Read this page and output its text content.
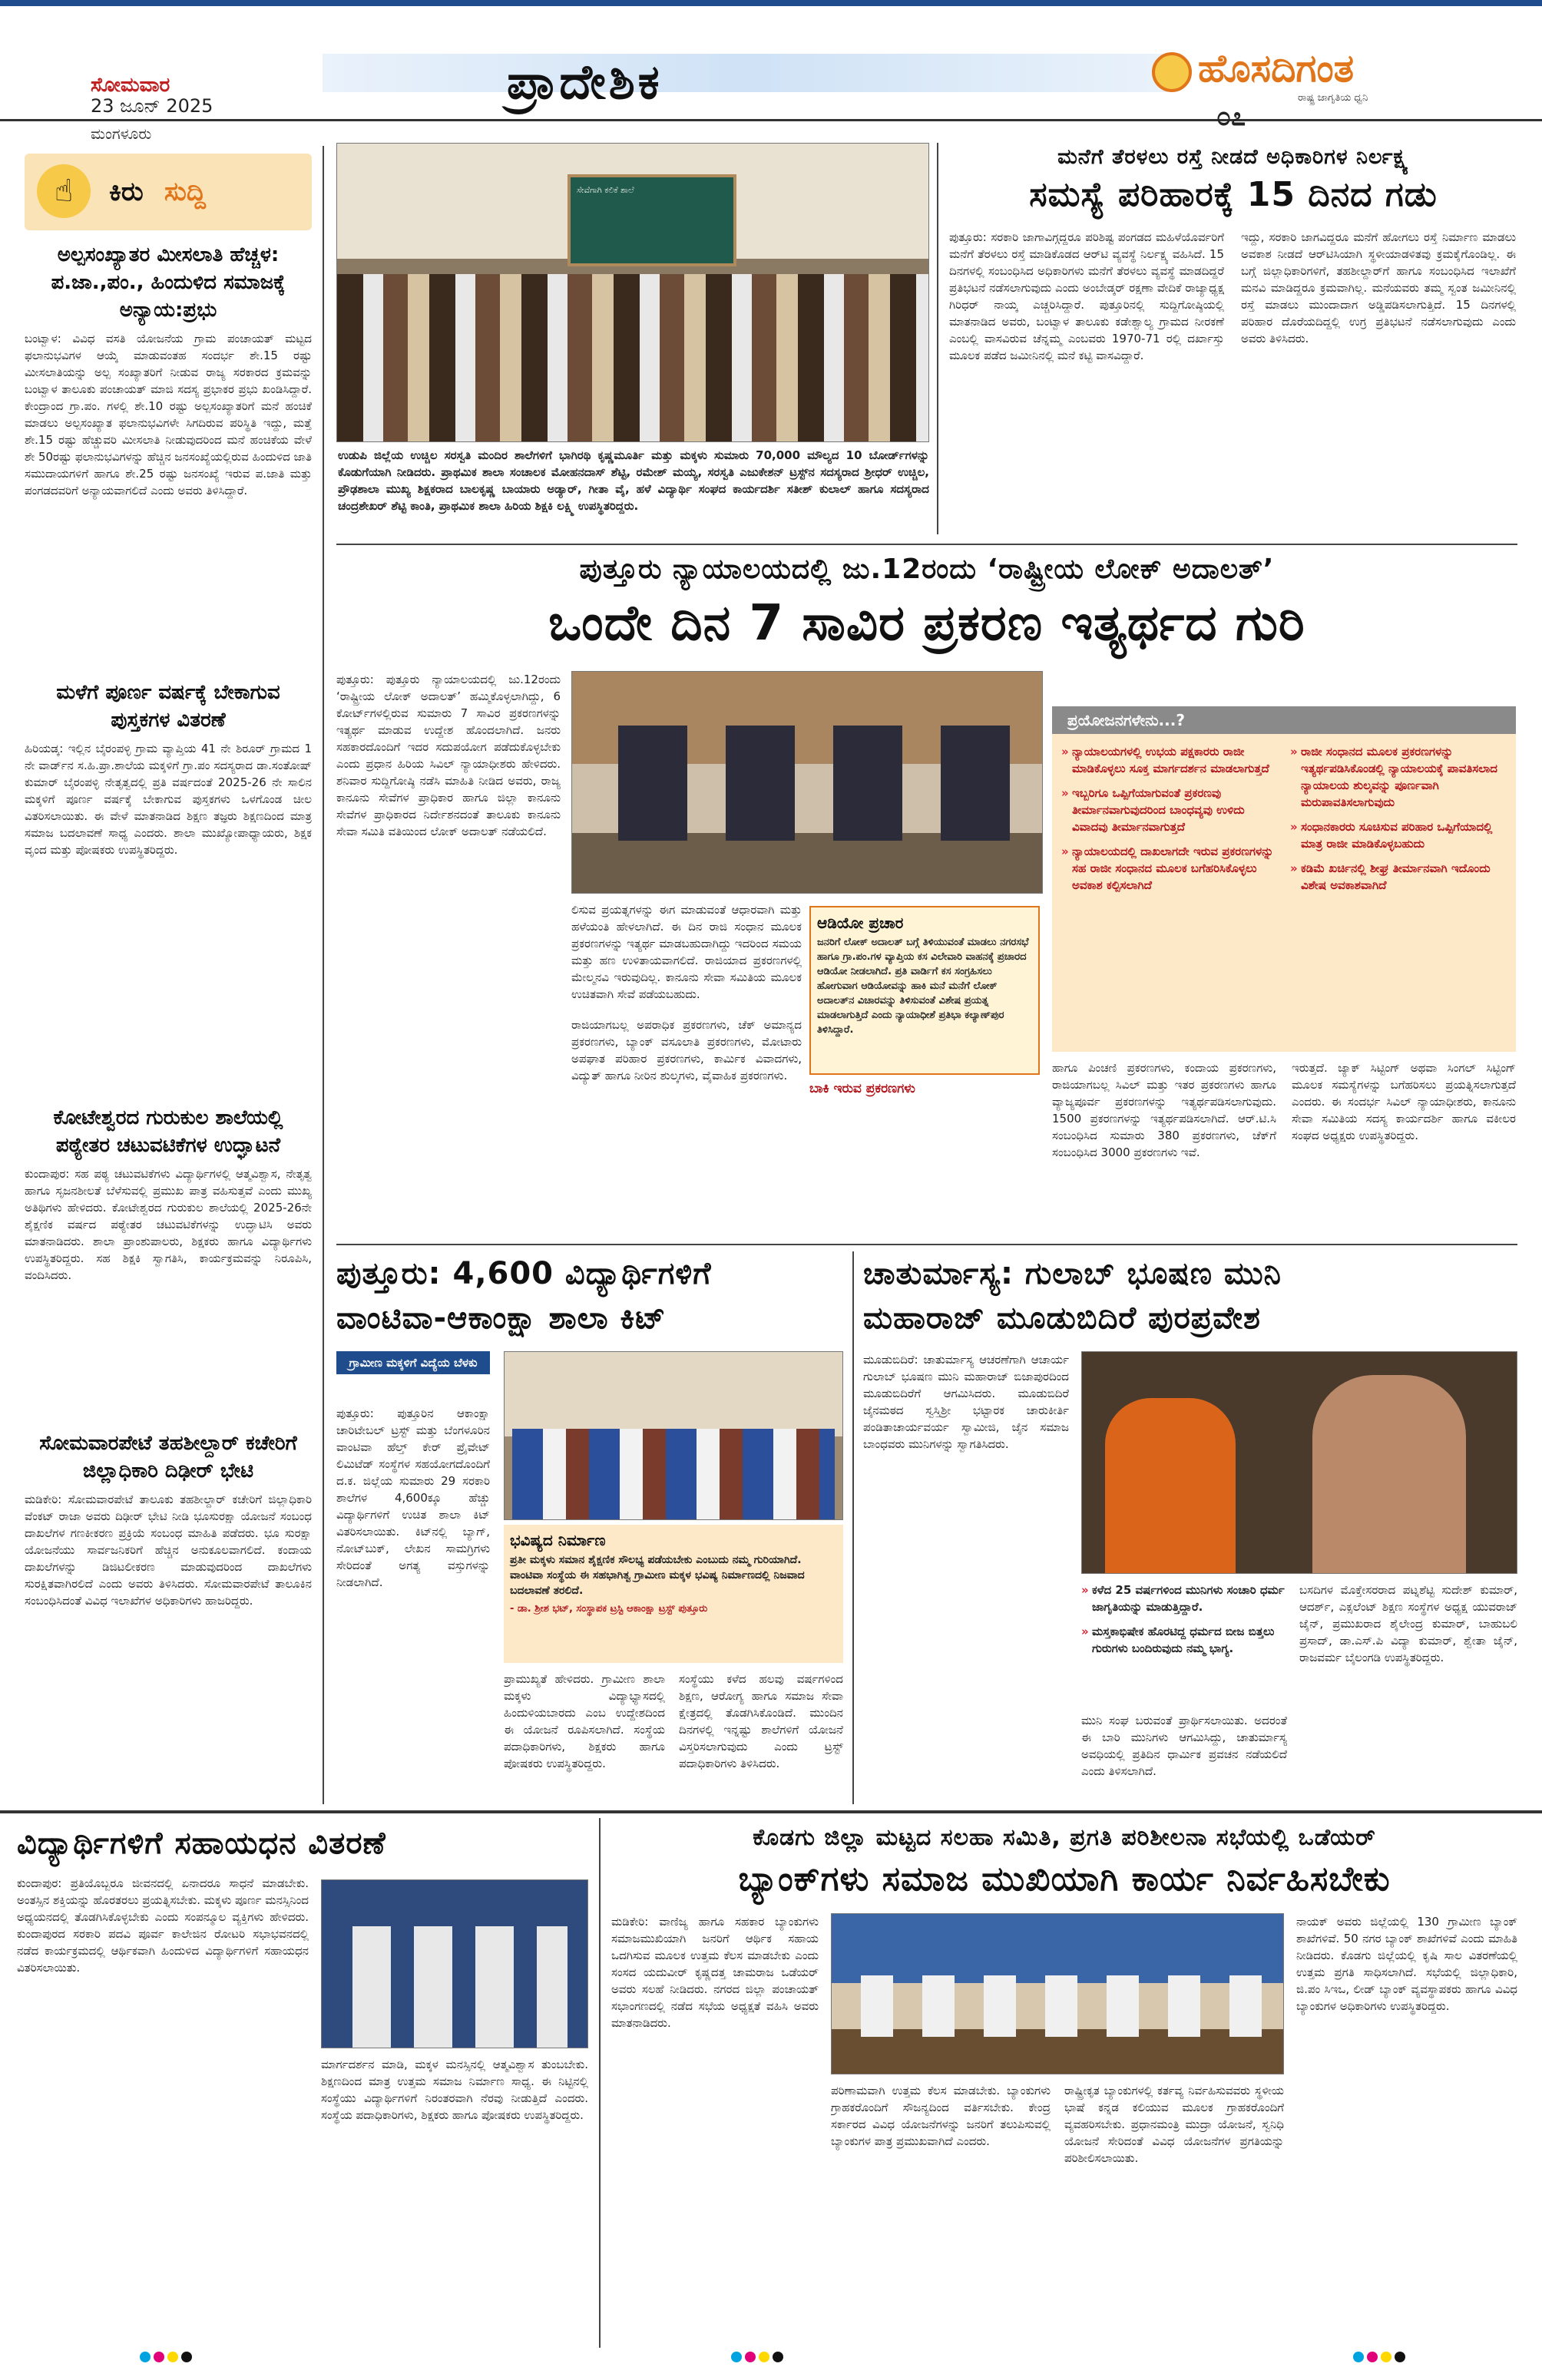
ಸೋಮವಾರ
23 ಜೂನ್ 2025
ಮಂಗಳೂರು
ಪ್ರಾದೇಶಿಕ	ಹೊಸದಿಗಂತ
ರಾಷ್ಟ್ರ ಜಾಗೃತಿಯ ಧ್ವನಿ
೦೭
☝	ಕಿರು ಸುದ್ದಿ
ಅಲ್ಪಸಂಖ್ಯಾತರ ಮೀಸಲಾತಿ ಹೆಚ್ಚಳ: ಪ.ಜಾ.,ಪಂ., ಹಿಂದುಳಿದ ಸಮಾಜಕ್ಕೆ ಅನ್ಯಾಯ:ಪ್ರಭು
ಬಂಟ್ವಾಳ: ವಿವಿಧ ವಸತಿ ಯೋಜನೆಯ ಗ್ರಾಮ ಪಂಚಾಯತ್ ಮಟ್ಟದ ಫಲಾನುಭವಿಗಳ ಆಯ್ಕೆ ಮಾಡುವಂತಹ ಸಂದರ್ಭ ಶೇ.15 ರಷ್ಟು ಮೀಸಲಾತಿಯನ್ನು ಅಲ್ಪ ಸಂಖ್ಯಾತರಿಗೆ ನೀಡುವ ರಾಜ್ಯ ಸರಕಾರದ ಕ್ರಮವನ್ನು ಬಂಟ್ವಾಳ ತಾಲೂಕು ಪಂಚಾಯತ್ ಮಾಜಿ ಸದಸ್ಯ ಪ್ರಭಾಕರ ಪ್ರಭು ಖಂಡಿಸಿದ್ದಾರೆ. ಕೇಂದ್ರಾಂದ ಗ್ರಾ.ಪಂ. ಗಳಲ್ಲಿ ಶೇ.10 ರಷ್ಟು ಅಲ್ಪಸಂಖ್ಯಾತರಿಗೆ ಮನೆ ಹಂಚಿಕೆ ಮಾಡಲು ಅಲ್ಪಸಂಖ್ಯಾತ ಫಲಾನುಭವಿಗಳೇ ಸಿಗದಿರುವ ಪರಿಸ್ಥಿತಿ ಇದ್ದು, ಮತ್ತೆ ಶೇ.15 ರಷ್ಟು ಹೆಚ್ಚುವರಿ ಮೀಸಲಾತಿ ನೀಡುವುದರಿಂದ ಮನೆ ಹಂಚಿಕೆಯ ವೇಳೆ ಶೇ 50ರಷ್ಟು ಫಲಾನುಭವಿಗಳನ್ನು ಹೆಚ್ಚಿನ ಜನಸಂಖ್ಯೆಯಲ್ಲಿರುವ ಹಿಂದುಳಿದ ಜಾತಿ ಸಮುದಾಯಗಳಿಗೆ ಹಾಗೂ ಶೇ.25 ರಷ್ಟು ಜನಸಂಖ್ಯೆ ಇರುವ ಪ.ಜಾತಿ ಮತ್ತು ಪಂಗಡದವರಿಗೆ ಅನ್ಯಾಯವಾಗಲಿದೆ ಎಂದು ಅವರು ತಿಳಿಸಿದ್ದಾರೆ.
ಮಳೆಗೆ ಪೂರ್ಣ ವರ್ಷಕ್ಕೆ ಬೇಕಾಗುವ ಪುಸ್ತಕಗಳ ವಿತರಣೆ
ಹಿರಿಯಡ್ಕ: ಇಲ್ಲಿನ ಬೈರಂಪಳ್ಳಿ ಗ್ರಾಮ ವ್ಯಾಪ್ತಿಯ 41 ನೇ ಶಿರೂರ್ ಗ್ರಾಮದ 1 ನೇ ವಾರ್ಡ್‌ನ ಸ.ಹಿ.ಪ್ರಾ.ಶಾಲೆಯ ಮಕ್ಕಳಿಗೆ ಗ್ರಾ.ಪಂ ಸದಸ್ಯರಾದ ಡಾ.ಸಂತೋಷ್ ಕುಮಾರ್ ಬೈರಂಪಳ್ಳಿ ನೇತೃತ್ವದಲ್ಲಿ ಪ್ರತಿ ವರ್ಷದಂತೆ 2025-26 ನೇ ಸಾಲಿನ ಮಕ್ಕಳಿಗೆ ಪೂರ್ಣ ವರ್ಷಕ್ಕೆ ಬೇಕಾಗುವ ಪುಸ್ತಕಗಳು ಒಳಗೊಂಡ ಚೀಲ ವಿತರಿಸಲಾಯಿತು. ಈ ವೇಳೆ ಮಾತನಾಡಿದ ಶಿಕ್ಷಣ ತಜ್ಞರು ಶಿಕ್ಷಣದಿಂದ ಮಾತ್ರ ಸಮಾಜ ಬದಲಾವಣೆ ಸಾಧ್ಯ ಎಂದರು. ಶಾಲಾ ಮುಖ್ಯೋಪಾಧ್ಯಾಯರು, ಶಿಕ್ಷಕ ವೃಂದ ಮತ್ತು ಪೋಷಕರು ಉಪಸ್ಥಿತರಿದ್ದರು.
ಕೋಟೇಶ್ವರದ ಗುರುಕುಲ ಶಾಲೆಯಲ್ಲಿ ಪಠ್ಯೇತರ ಚಟುವಟಿಕೆಗಳ ಉದ್ಘಾಟನೆ
ಕುಂದಾಪುರ: ಸಹ ಪಠ್ಯ ಚಟುವಟಿಕೆಗಳು ವಿದ್ಯಾರ್ಥಿಗಳಲ್ಲಿ ಆತ್ಮವಿಶ್ವಾಸ, ನೇತೃತ್ವ ಹಾಗೂ ಸೃಜನಶೀಲತೆ ಬೆಳೆಸುವಲ್ಲಿ ಪ್ರಮುಖ ಪಾತ್ರ ವಹಿಸುತ್ತವೆ ಎಂದು ಮುಖ್ಯ ಅತಿಥಿಗಳು ಹೇಳಿದರು. ಕೋಟೇಶ್ವರದ ಗುರುಕುಲ ಶಾಲೆಯಲ್ಲಿ 2025-26ನೇ ಶೈಕ್ಷಣಿಕ ವರ್ಷದ ಪಠ್ಯೇತರ ಚಟುವಟಿಕೆಗಳನ್ನು ಉದ್ಘಾಟಿಸಿ ಅವರು ಮಾತನಾಡಿದರು. ಶಾಲಾ ಪ್ರಾಂಶುಪಾಲರು, ಶಿಕ್ಷಕರು ಹಾಗೂ ವಿದ್ಯಾರ್ಥಿಗಳು ಉಪಸ್ಥಿತರಿದ್ದರು. ಸಹ ಶಿಕ್ಷಕಿ ಸ್ವಾಗತಿಸಿ, ಕಾರ್ಯಕ್ರಮವನ್ನು ನಿರೂಪಿಸಿ, ವಂದಿಸಿದರು.
ಸೋಮವಾರಪೇಟೆ ತಹಶೀಲ್ದಾರ್ ಕಚೇರಿಗೆ ಜಿಲ್ಲಾಧಿಕಾರಿ ದಿಢೀರ್ ಭೇಟಿ
ಮಡಿಕೇರಿ: ಸೋಮವಾರಪೇಟೆ ತಾಲೂಕು ತಹಶೀಲ್ದಾರ್ ಕಚೇರಿಗೆ ಜಿಲ್ಲಾಧಿಕಾರಿ ವೆಂಕಟ್ ರಾಜಾ ಅವರು ದಿಢೀರ್ ಭೇಟಿ ನೀಡಿ ಭೂಸುರಕ್ಷಾ ಯೋಜನೆ ಸಂಬಂಧ ದಾಖಲೆಗಳ ಗಣಕೀಕರಣ ಪ್ರಕ್ರಿಯೆ ಸಂಬಂಧ ಮಾಹಿತಿ ಪಡೆದರು. ಭೂ ಸುರಕ್ಷಾ ಯೋಜನೆಯು ಸಾರ್ವಜನಿಕರಿಗೆ ಹೆಚ್ಚಿನ ಅನುಕೂಲವಾಗಲಿದೆ. ಕಂದಾಯ ದಾಖಲೆಗಳನ್ನು ಡಿಜಿಟಲೀಕರಣ ಮಾಡುವುದರಿಂದ ದಾಖಲೆಗಳು ಸುರಕ್ಷಿತವಾಗಿರಲಿದೆ ಎಂದು ಅವರು ತಿಳಿಸಿದರು. ಸೋಮವಾರಪೇಟೆ ತಾಲೂಕಿನ ಸಂಬಂಧಿಸಿದಂತೆ ವಿವಿಧ ಇಲಾಖೆಗಳ ಅಧಿಕಾರಿಗಳು ಹಾಜರಿದ್ದರು.
ಸೇವೆಗಾಗಿ ಕಲಿಕೆ ಶಾಲೆ
ಉಡುಪಿ ಜಿಲ್ಲೆಯ ಉಚ್ಚಿಲ ಸರಸ್ವತಿ ಮಂದಿರ ಶಾಲೆಗಳಿಗೆ ಭಾಗಿರಥಿ ಕೃಷ್ಣಮೂರ್ತಿ ಮತ್ತು ಮಕ್ಕಳು ಸುಮಾರು 70,000 ಮೌಲ್ಯದ 10 ಬೋರ್ಡ್‌ಗಳನ್ನು ಕೊಡುಗೆಯಾಗಿ ನೀಡಿದರು. ಪ್ರಾಥಮಿಕ ಶಾಲಾ ಸಂಚಾಲಕ ಮೋಹನದಾಸ್ ಶೆಟ್ಟಿ, ರಮೇಶ್ ಮಯ್ಯ, ಸರಸ್ವತಿ ಎಜುಕೇಶನ್ ಟ್ರಸ್ಟ್‌ನ ಸದಸ್ಯರಾದ ಶ್ರೀಧರ್ ಉಚ್ಚಿಲ, ಪ್ರೌಢಶಾಲಾ ಮುಖ್ಯ ಶಿಕ್ಷಕರಾದ ಬಾಲಕೃಷ್ಣ ಬಾಯಾರು ಅಡ್ಯಾರ್, ಗೀತಾ ವೈ, ಹಳೆ ವಿದ್ಯಾರ್ಥಿ ಸಂಘದ ಕಾರ್ಯದರ್ಶಿ ಸತೀಶ್ ಕುಲಾಲ್ ಹಾಗೂ ಸದಸ್ಯರಾದ ಚಂದ್ರಶೇಖರ್ ಶೆಟ್ಟಿ ಕಾಂತಿ, ಪ್ರಾಥಮಿಕ ಶಾಲಾ ಹಿರಿಯ ಶಿಕ್ಷಕಿ ಲಕ್ಷ್ಮಿ ಉಪಸ್ಥಿತರಿದ್ದರು.
ಮನೆಗೆ ತೆರಳಲು ರಸ್ತೆ ನೀಡದೆ ಅಧಿಕಾರಿಗಳ ನಿರ್ಲಕ್ಷ್ಯ
ಸಮಸ್ಯೆ ಪರಿಹಾರಕ್ಕೆ 15 ದಿನದ ಗಡು
ಪುತ್ತೂರು: ಸರಕಾರಿ ಜಾಗಾವಿಗ್ಗದ್ದರೂ ಪರಿಶಿಷ್ಟ ಪಂಗಡದ ಮಹಿಳೆಯೊರ್ವರಿಗೆ ಮನೆಗೆ ತೆರಳಲು ರಸ್ತೆ ಮಾಡಿಕೊಡದ ಆರ್‌ಟಿ ವ್ಯವಸ್ಥೆ ನಿರ್ಲಕ್ಷ್ಯ ವಹಿಸಿದೆ. 15 ದಿನಗಳಲ್ಲಿ ಸಂಬಂಧಿಸಿದ ಅಧಿಕಾರಿಗಳು ಮನೆಗೆ ತೆರಳಲು ವ್ಯವಸ್ಥೆ ಮಾಡದಿದ್ದರೆ ಪ್ರತಿಭಟನೆ ನಡೆಸಲಾಗುವುದು ಎಂದು ಅಂಬೇಡ್ಕರ್ ರಕ್ಷಣಾ ವೇದಿಕೆ ರಾಜ್ಯಾಧ್ಯಕ್ಷ ಗಿರಿಧರ್ ನಾಯ್ಕ ಎಚ್ಚರಿಸಿದ್ದಾರೆ. ಪುತ್ತೂರಿನಲ್ಲಿ ಸುದ್ದಿಗೋಷ್ಠಿಯಲ್ಲಿ ಮಾತನಾಡಿದ ಅವರು, ಬಂಟ್ವಾಳ ತಾಲೂಕು ಕಡೇಶ್ವಾಲ್ಯ ಗ್ರಾಮದ ನೀರಕಣೆ ಎಂಬಲ್ಲಿ ವಾಸವಿರುವ ಚೆನ್ನಮ್ಮ ಎಂಬವರು 1970-71 ರಲ್ಲಿ ದರ್ಖಾಸ್ತು ಮೂಲಕ ಪಡೆದ ಜಮೀನಿನಲ್ಲಿ ಮನೆ ಕಟ್ಟಿ ವಾಸವಿದ್ದಾರೆ.
ಇದ್ದು, ಸರಕಾರಿ ಜಾಗವಿದ್ದರೂ ಮನೆಗೆ ಹೋಗಲು ರಸ್ತೆ ನಿರ್ಮಾಣ ಮಾಡಲು ಅವಕಾಶ ನೀಡದೆ ಆರ್‌ಟಿಸಿಯಾಗಿ ಸ್ಥಳೀಯಾಡಳಿತವು ಕ್ರಮಕೈಗೊಂಡಿಲ್ಲ. ಈ ಬಗ್ಗೆ ಜಿಲ್ಲಾಧಿಕಾರಿಗಳಿಗೆ, ತಹಶೀಲ್ದಾರ್‌ಗೆ ಹಾಗೂ ಸಂಬಂಧಿಸಿದ ಇಲಾಖೆಗೆ ಮನವಿ ಮಾಡಿದ್ದರೂ ಕ್ರಮವಾಗಿಲ್ಲ. ಮನೆಯವರು ತಮ್ಮ ಸ್ವಂತ ಜಮೀನಿನಲ್ಲಿ ರಸ್ತೆ ಮಾಡಲು ಮುಂದಾದಾಗ ಅಡ್ಡಿಪಡಿಸಲಾಗುತ್ತಿದೆ. 15 ದಿನಗಳಲ್ಲಿ ಪರಿಹಾರ ದೊರೆಯದಿದ್ದಲ್ಲಿ ಉಗ್ರ ಪ್ರತಿಭಟನೆ ನಡೆಸಲಾಗುವುದು ಎಂದು ಅವರು ತಿಳಿಸಿದರು.
ಪುತ್ತೂರು ನ್ಯಾಯಾಲಯದಲ್ಲಿ ಜು.12ರಂದು ‘ರಾಷ್ಟ್ರೀಯ ಲೋಕ್ ಅದಾಲತ್’
ಒಂದೇ ದಿನ 7 ಸಾವಿರ ಪ್ರಕರಣ ಇತ್ಯರ್ಥದ ಗುರಿ
ಪುತ್ತೂರು: ಪುತ್ತೂರು ನ್ಯಾಯಾಲಯದಲ್ಲಿ ಜು.12ರಂದು ‘ರಾಷ್ಟ್ರೀಯ ಲೋಕ್ ಅದಾಲತ್’ ಹಮ್ಮಿಕೊಳ್ಳಲಾಗಿದ್ದು, 6 ಕೋರ್ಟ್‌ಗಳಲ್ಲಿರುವ ಸುಮಾರು 7 ಸಾವಿರ ಪ್ರಕರಣಗಳನ್ನು ಇತ್ಯರ್ಥ ಮಾಡುವ ಉದ್ದೇಶ ಹೊಂದಲಾಗಿದೆ. ಜನರು ಸಹಕಾರದೊಂದಿಗೆ ಇದರ ಸದುಪಯೋಗ ಪಡೆದುಕೊಳ್ಳಬೇಕು ಎಂದು ಪ್ರಧಾನ ಹಿರಿಯ ಸಿವಿಲ್ ನ್ಯಾಯಾಧೀಶರು ಹೇಳಿದರು. ಶನಿವಾರ ಸುದ್ದಿಗೋಷ್ಠಿ ನಡೆಸಿ ಮಾಹಿತಿ ನೀಡಿದ ಅವರು, ರಾಜ್ಯ ಕಾನೂನು ಸೇವೆಗಳ ಪ್ರಾಧಿಕಾರ ಹಾಗೂ ಜಿಲ್ಲಾ ಕಾನೂನು ಸೇವೆಗಳ ಪ್ರಾಧಿಕಾರದ ನಿರ್ದೇಶನದಂತೆ ತಾಲೂಕು ಕಾನೂನು ಸೇವಾ ಸಮಿತಿ ವತಿಯಿಂದ ಲೋಕ್ ಅದಾಲತ್ ನಡೆಯಲಿದೆ.
ಲಿಸುವ ಪ್ರಯತ್ನಗಳನ್ನು ಈಗ ಮಾಡುವಂತೆ ಆಧಾರವಾಗಿ ಮತ್ತು ಹಳೆಯಂತಿ ಹೇಳಲಾಗಿದೆ. ಈ ದಿನ ರಾಜಿ ಸಂಧಾನ ಮೂಲಕ ಪ್ರಕರಣಗಳನ್ನು ಇತ್ಯರ್ಥ ಮಾಡಬಹುದಾಗಿದ್ದು ಇದರಿಂದ ಸಮಯ ಮತ್ತು ಹಣ ಉಳಿತಾಯವಾಗಲಿದೆ. ರಾಜಿಯಾದ ಪ್ರಕರಣಗಳಲ್ಲಿ ಮೇಲ್ಮನವಿ ಇರುವುದಿಲ್ಲ. ಕಾನೂನು ಸೇವಾ ಸಮಿತಿಯ ಮೂಲಕ ಉಚಿತವಾಗಿ ಸೇವೆ ಪಡೆಯಬಹುದು.
ಆಡಿಯೋ ಪ್ರಚಾರ
ಜನರಿಗೆ ಲೋಕ್ ಅದಾಲತ್ ಬಗ್ಗೆ ತಿಳಿಯುವಂತೆ ಮಾಡಲು ನಗರಸಭೆ ಹಾಗೂ ಗ್ರಾ.ಪಂ.ಗಳ ವ್ಯಾಪ್ತಿಯ ಕಸ ವಿಲೇವಾರಿ ವಾಹನಕ್ಕೆ ಪ್ರಚಾರದ ಆಡಿಯೋ ನೀಡಲಾಗಿದೆ. ಪ್ರತಿ ವಾರ್ಡಿಗೆ ಕಸ ಸಂಗ್ರಹಿಸಲು ಹೋಗುವಾಗ ಆಡಿಯೋವನ್ನು ಹಾಕಿ ಮನೆ ಮನೆಗೆ ಲೋಕ್ ಅದಾಲತ್‌ನ ವಿಚಾರವನ್ನು ತಿಳಿಸುವಂತೆ ವಿಶೇಷ ಪ್ರಯತ್ನ ಮಾಡಲಾಗುತ್ತಿದೆ ಎಂದು ನ್ಯಾಯಾಧೀಶೆ ಪ್ರತಿಭಾ ಕಲ್ಯಾಣ್‌ಪುರ ತಿಳಿಸಿದ್ದಾರೆ.
ಬಾಕಿ ಇರುವ ಪ್ರಕರಣಗಳು
ರಾಜಿಯಾಗಬಲ್ಲ ಅಪರಾಧಿಕ ಪ್ರಕರಣಗಳು, ಚೆಕ್ ಅಮಾನ್ಯದ ಪ್ರಕರಣಗಳು, ಬ್ಯಾಂಕ್ ವಸೂಲಾತಿ ಪ್ರಕರಣಗಳು, ಮೋಟಾರು ಅಪಘಾತ ಪರಿಹಾರ ಪ್ರಕರಣಗಳು, ಕಾರ್ಮಿಕ ವಿವಾದಗಳು, ವಿದ್ಯುತ್ ಹಾಗೂ ನೀರಿನ ಶುಲ್ಕಗಳು, ವೈವಾಹಿಕ ಪ್ರಕರಣಗಳು.
ಪ್ರಯೋಜನಗಳೇನು...?
» ನ್ಯಾಯಾಲಯಗಳಲ್ಲಿ ಉಭಯ ಪಕ್ಷಕಾರರು ರಾಜೀ ಮಾಡಿಕೊಳ್ಳಲು ಸೂಕ್ತ ಮಾರ್ಗದರ್ಶನ ಮಾಡಲಾಗುತ್ತದೆ
» ಇಬ್ಬರಿಗೂ ಒಪ್ಪಿಗೆಯಾಗುವಂತೆ ಪ್ರಕರಣವು ತೀರ್ಮಾನವಾಗುವುದರಿಂದ ಬಾಂಧವ್ಯವು ಉಳಿದು ವಿವಾದವು ತೀರ್ಮಾನವಾಗುತ್ತದೆ
» ನ್ಯಾಯಾಲಯದಲ್ಲಿ ದಾಖಲಾಗದೇ ಇರುವ ಪ್ರಕರಣಗಳನ್ನು ಸಹ ರಾಜೀ ಸಂಧಾನದ ಮೂಲಕ ಬಗೆಹರಿಸಿಕೊಳ್ಳಲು ಅವಕಾಶ ಕಲ್ಪಿಸಲಾಗಿದೆ
» ರಾಜೀ ಸಂಧಾನದ ಮೂಲಕ ಪ್ರಕರಣಗಳನ್ನು ಇತ್ಯರ್ಥಪಡಿಸಿಕೊಂಡಲ್ಲಿ ನ್ಯಾಯಾಲಯಕ್ಕೆ ಪಾವತಿಸಲಾದ ನ್ಯಾಯಾಲಯ ಶುಲ್ಕವನ್ನು ಪೂರ್ಣವಾಗಿ ಮರುಪಾವತಿಸಲಾಗುವುದು
» ಸಂಧಾನಕಾರರು ಸೂಚಿಸುವ ಪರಿಹಾರ ಒಪ್ಪಿಗೆಯಾದಲ್ಲಿ ಮಾತ್ರ ರಾಜೀ ಮಾಡಿಕೊಳ್ಳಬಹುದು
» ಕಡಿಮೆ ಖರ್ಚಿನಲ್ಲಿ ಶೀಘ್ರ ತೀರ್ಮಾನವಾಗಿ ಇದೊಂದು ವಿಶೇಷ ಅವಕಾಶವಾಗಿದೆ
ಹಾಗೂ ಪಿಂಚಣಿ ಪ್ರಕರಣಗಳು, ಕಂದಾಯ ಪ್ರಕರಣಗಳು, ರಾಜಿಯಾಗಬಲ್ಲ ಸಿವಿಲ್ ಮತ್ತು ಇತರ ಪ್ರಕರಣಗಳು ಹಾಗೂ ವ್ಯಾಜ್ಯಪೂರ್ವ ಪ್ರಕರಣಗಳನ್ನು ಇತ್ಯರ್ಥಪಡಿಸಲಾಗುವುದು. 1500 ಪ್ರಕರಣಗಳನ್ನು ಇತ್ಯರ್ಥಪಡಿಸಲಾಗಿದೆ. ಆರ್.ಟಿ.ಸಿ ಸಂಬಂಧಿಸಿದ ಸುಮಾರು 380 ಪ್ರಕರಣಗಳು, ಚೆಕ್‌ಗೆ ಸಂಬಂಧಿಸಿದ 3000 ಪ್ರಕರಣಗಳು ಇವೆ.
ಇರುತ್ತದೆ. ಜ್ಯಾಕ್ ಸಿಟ್ಟಿಂಗ್ ಅಥವಾ ಸಿಂಗಲ್ ಸಿಟ್ಟಿಂಗ್ ಮೂಲಕ ಸಮಸ್ಯೆಗಳನ್ನು ಬಗೆಹರಿಸಲು ಪ್ರಯತ್ನಿಸಲಾಗುತ್ತದೆ ಎಂದರು. ಈ ಸಂದರ್ಭ ಸಿವಿಲ್ ನ್ಯಾಯಾಧೀಶರು, ಕಾನೂನು ಸೇವಾ ಸಮಿತಿಯ ಸದಸ್ಯ ಕಾರ್ಯದರ್ಶಿ ಹಾಗೂ ವಕೀಲರ ಸಂಘದ ಅಧ್ಯಕ್ಷರು ಉಪಸ್ಥಿತರಿದ್ದರು.
ಪುತ್ತೂರು: 4,600 ವಿದ್ಯಾರ್ಥಿಗಳಿಗೆ
ವಾಂಟಿವಾ-ಆಕಾಂಕ್ಷಾ ಶಾಲಾ ಕಿಟ್
ಗ್ರಾಮೀಣ ಮಕ್ಕಳಿಗೆ ವಿದ್ಯೆಯ ಬೆಳಕು
ಪುತ್ತೂರು: ಪುತ್ತೂರಿನ ಆಕಾಂಕ್ಷಾ ಚಾರಿಟೇಬಲ್ ಟ್ರಸ್ಟ್ ಮತ್ತು ಬೆಂಗಳೂರಿನ ವಾಂಟಿವಾ ಹೆಲ್ತ್ ಕೇರ್ ಪ್ರೈವೇಟ್ ಲಿಮಿಟೆಡ್ ಸಂಸ್ಥೆಗಳ ಸಹಯೋಗದೊಂದಿಗೆ ದ.ಕ. ಜಿಲ್ಲೆಯ ಸುಮಾರು 29 ಸರಕಾರಿ ಶಾಲೆಗಳ 4,600ಕ್ಕೂ ಹೆಚ್ಚು ವಿದ್ಯಾರ್ಥಿಗಳಿಗೆ ಉಚಿತ ಶಾಲಾ ಕಿಟ್ ವಿತರಿಸಲಾಯಿತು. ಕಿಟ್‌ನಲ್ಲಿ ಬ್ಯಾಗ್, ನೋಟ್‌ಬುಕ್, ಲೇಖನ ಸಾಮಗ್ರಿಗಳು ಸೇರಿದಂತೆ ಅಗತ್ಯ ವಸ್ತುಗಳನ್ನು ನೀಡಲಾಗಿದೆ.
ಭವಿಷ್ಯದ ನಿರ್ಮಾಣ
ಪ್ರತೀ ಮಕ್ಕಳು ಸಮಾನ ಶೈಕ್ಷಣಿಕ ಸೌಲಭ್ಯ ಪಡೆಯಬೇಕು ಎಂಬುದು ನಮ್ಮ ಗುರಿಯಾಗಿದೆ. ವಾಂಟಿವಾ ಸಂಸ್ಥೆಯ ಈ ಸಹಭಾಗಿತ್ವ ಗ್ರಾಮೀಣ ಮಕ್ಕಳ ಭವಿಷ್ಯ ನಿರ್ಮಾಣದಲ್ಲಿ ನಿಜವಾದ ಬದಲಾವಣೆ ತರಲಿದೆ.
- ಡಾ. ಶ್ರೀಶ ಭಟ್, ಸಂಸ್ಥಾಪಕ ಟ್ರಸ್ಟಿ ಆಕಾಂಕ್ಷಾ ಟ್ರಸ್ಟ್ ಪುತ್ತೂರು
ಪ್ರಾಮುಖ್ಯತೆ ಹೇಳಿದರು. ಗ್ರಾಮೀಣ ಶಾಲಾ ಮಕ್ಕಳು ವಿದ್ಯಾಭ್ಯಾಸದಲ್ಲಿ ಹಿಂದುಳಿಯಬಾರದು ಎಂಬ ಉದ್ದೇಶದಿಂದ ಈ ಯೋಜನೆ ರೂಪಿಸಲಾಗಿದೆ. ಸಂಸ್ಥೆಯ ಪದಾಧಿಕಾರಿಗಳು, ಶಿಕ್ಷಕರು ಹಾಗೂ ಪೋಷಕರು ಉಪಸ್ಥಿತರಿದ್ದರು.
ಸಂಸ್ಥೆಯು ಕಳೆದ ಹಲವು ವರ್ಷಗಳಿಂದ ಶಿಕ್ಷಣ, ಆರೋಗ್ಯ ಹಾಗೂ ಸಮಾಜ ಸೇವಾ ಕ್ಷೇತ್ರದಲ್ಲಿ ತೊಡಗಿಸಿಕೊಂಡಿದೆ. ಮುಂದಿನ ದಿನಗಳಲ್ಲಿ ಇನ್ನಷ್ಟು ಶಾಲೆಗಳಿಗೆ ಯೋಜನೆ ವಿಸ್ತರಿಸಲಾಗುವುದು ಎಂದು ಟ್ರಸ್ಟ್ ಪದಾಧಿಕಾರಿಗಳು ತಿಳಿಸಿದರು.
ಚಾತುರ್ಮಾಸ್ಯ: ಗುಲಾಬ್ ಭೂಷಣ ಮುನಿ
ಮಹಾರಾಜ್ ಮೂಡುಬಿದಿರೆ ಪುರಪ್ರವೇಶ
ಮೂಡುಬಿದಿರೆ: ಚಾತುರ್ಮಾಸ್ಯ ಆಚರಣೆಗಾಗಿ ಆಚಾರ್ಯ ಗುಲಾಬ್ ಭೂಷಣ ಮುನಿ ಮಹಾರಾಜ್ ಬಿಜಾಪುರದಿಂದ ಮೂಡುಬಿದಿರೆಗೆ ಆಗಮಿಸಿದರು. ಮೂಡುಬಿದಿರೆ ಜೈನಮಠದ ಸ್ವಸ್ತಿಶ್ರೀ ಭಟ್ಟಾರಕ ಚಾರುಕೀರ್ತಿ ಪಂಡಿತಾಚಾರ್ಯವರ್ಯ ಸ್ವಾಮೀಜಿ, ಜೈನ ಸಮಾಜ ಬಾಂಧವರು ಮುನಿಗಳನ್ನು ಸ್ವಾಗತಿಸಿದರು.
» ಕಳೆದ 25 ವರ್ಷಗಳಿಂದ ಮುನಿಗಳು ಸಂಚಾರಿ ಧರ್ಮ ಜಾಗೃತಿಯನ್ನು ಮಾಡುತ್ತಿದ್ದಾರೆ.
» ಮಸ್ತಕಾಭಿಷೇಕ ಹೊರಟಿದ್ದ ಧರ್ಮದ ಬೀಜ ಬಿತ್ತಲು ಗುರುಗಳು ಬಂದಿರುವುದು ನಮ್ಮ ಭಾಗ್ಯ.
ಮುನಿ ಸಂಘ ಬರುವಂತೆ ಪ್ರಾರ್ಥಿಸಲಾಯಿತು. ಅದರಂತೆ ಈ ಬಾರಿ ಮುನಿಗಳು ಆಗಮಿಸಿದ್ದು, ಚಾತುರ್ಮಾಸ್ಯ ಅವಧಿಯಲ್ಲಿ ಪ್ರತಿದಿನ ಧಾರ್ಮಿಕ ಪ್ರವಚನ ನಡೆಯಲಿದೆ ಎಂದು ತಿಳಿಸಲಾಗಿದೆ.
ಬಸದಿಗಳ ಮೊಕ್ತೇಸರರಾದ ಪಟ್ನಶೆಟ್ಟಿ ಸುದೇಶ್ ಕುಮಾರ್, ಆದರ್ಶ್, ಎಕ್ಸಲೆಂಟ್ ಶಿಕ್ಷಣ ಸಂಸ್ಥೆಗಳ ಅಧ್ಯಕ್ಷ ಯುವರಾಜ್ ಜೈನ್, ಪ್ರಮುಖರಾದ ಶೈಲೇಂದ್ರ ಕುಮಾರ್, ಬಾಹುಬಲಿ ಪ್ರಸಾದ್, ಡಾ.ಎಸ್.ಪಿ ವಿದ್ಯಾ ಕುಮಾರ್, ಶ್ವೇತಾ ಜೈನ್, ರಾಜವರ್ಮ ಬೈಲಂಗಡಿ ಉಪಸ್ಥಿತರಿದ್ದರು.
ವಿದ್ಯಾರ್ಥಿಗಳಿಗೆ ಸಹಾಯಧನ ವಿತರಣೆ
ಕುಂದಾಪುರ: ಪ್ರತಿಯೊಬ್ಬರೂ ಜೀವನದಲ್ಲಿ ಏನಾದರೂ ಸಾಧನೆ ಮಾಡಬೇಕು. ಅಂತಸ್ಸಿನ ಶಕ್ತಿಯನ್ನು ಹೊರತರಲು ಪ್ರಯತ್ನಿಸಬೇಕು. ಮಕ್ಕಳು ಪೂರ್ಣ ಮನಸ್ಸಿನಿಂದ ಅಧ್ಯಯನದಲ್ಲಿ ತೊಡಗಿಸಿಕೊಳ್ಳಬೇಕು ಎಂದು ಸಂಪನ್ಮೂಲ ವ್ಯಕ್ತಿಗಳು ಹೇಳಿದರು. ಕುಂದಾಪುರದ ಸರಕಾರಿ ಪದವಿ ಪೂರ್ವ ಕಾಲೇಜಿನ ರೋಟರಿ ಸಭಾಭವನದಲ್ಲಿ ನಡೆದ ಕಾರ್ಯಕ್ರಮದಲ್ಲಿ ಆರ್ಥಿಕವಾಗಿ ಹಿಂದುಳಿದ ವಿದ್ಯಾರ್ಥಿಗಳಿಗೆ ಸಹಾಯಧನ ವಿತರಿಸಲಾಯಿತು.
ಮಾರ್ಗದರ್ಶನ ಮಾಡಿ, ಮಕ್ಕಳ ಮನಸ್ಸಿನಲ್ಲಿ ಆತ್ಮವಿಶ್ವಾಸ ತುಂಬಬೇಕು. ಶಿಕ್ಷಣದಿಂದ ಮಾತ್ರ ಉತ್ತಮ ಸಮಾಜ ನಿರ್ಮಾಣ ಸಾಧ್ಯ. ಈ ನಿಟ್ಟಿನಲ್ಲಿ ಸಂಸ್ಥೆಯು ವಿದ್ಯಾರ್ಥಿಗಳಿಗೆ ನಿರಂತರವಾಗಿ ನೆರವು ನೀಡುತ್ತಿದೆ ಎಂದರು. ಸಂಸ್ಥೆಯ ಪದಾಧಿಕಾರಿಗಳು, ಶಿಕ್ಷಕರು ಹಾಗೂ ಪೋಷಕರು ಉಪಸ್ಥಿತರಿದ್ದರು.
ಕೊಡಗು ಜಿಲ್ಲಾ ಮಟ್ಟದ ಸಲಹಾ ಸಮಿತಿ, ಪ್ರಗತಿ ಪರಿಶೀಲನಾ ಸಭೆಯಲ್ಲಿ ಒಡೆಯರ್
ಬ್ಯಾಂಕ್‌ಗಳು ಸಮಾಜ ಮುಖಿಯಾಗಿ ಕಾರ್ಯ ನಿರ್ವಹಿಸಬೇಕು
ಮಡಿಕೇರಿ: ವಾಣಿಜ್ಯ ಹಾಗೂ ಸಹಕಾರ ಬ್ಯಾಂಕುಗಳು ಸಮಾಜಮುಖಿಯಾಗಿ ಜನರಿಗೆ ಆರ್ಥಿಕ ಸಹಾಯ ಒದಗಿಸುವ ಮೂಲಕ ಉತ್ತಮ ಕೆಲಸ ಮಾಡಬೇಕು ಎಂದು ಸಂಸದ ಯದುವೀರ್ ಕೃಷ್ಣದತ್ತ ಚಾಮರಾಜ ಒಡೆಯರ್ ಅವರು ಸಲಹೆ ನೀಡಿದರು. ನಗರದ ಜಿಲ್ಲಾ ಪಂಚಾಯತ್ ಸಭಾಂಗಣದಲ್ಲಿ ನಡೆದ ಸಭೆಯ ಅಧ್ಯಕ್ಷತೆ ವಹಿಸಿ ಅವರು ಮಾತನಾಡಿದರು.
ಪರಿಣಾಮವಾಗಿ ಉತ್ತಮ ಕೆಲಸ ಮಾಡಬೇಕು. ಬ್ಯಾಂಕುಗಳು ಗ್ರಾಹಕರೊಂದಿಗೆ ಸೌಜನ್ಯದಿಂದ ವರ್ತಿಸಬೇಕು. ಕೇಂದ್ರ ಸರ್ಕಾರದ ವಿವಿಧ ಯೋಜನೆಗಳನ್ನು ಜನರಿಗೆ ತಲುಪಿಸುವಲ್ಲಿ ಬ್ಯಾಂಕುಗಳ ಪಾತ್ರ ಪ್ರಮುಖವಾಗಿದೆ ಎಂದರು.
ರಾಷ್ಟ್ರೀಕೃತ ಬ್ಯಾಂಕುಗಳಲ್ಲಿ ಕರ್ತವ್ಯ ನಿರ್ವಹಿಸುವವರು ಸ್ಥಳೀಯ ಭಾಷೆ ಕನ್ನಡ ಕಲಿಯುವ ಮೂಲಕ ಗ್ರಾಹಕರೊಂದಿಗೆ ವ್ಯವಹರಿಸಬೇಕು. ಪ್ರಧಾನಮಂತ್ರಿ ಮುದ್ರಾ ಯೋಜನೆ, ಸ್ವನಿಧಿ ಯೋಜನೆ ಸೇರಿದಂತೆ ವಿವಿಧ ಯೋಜನೆಗಳ ಪ್ರಗತಿಯನ್ನು ಪರಿಶೀಲಿಸಲಾಯಿತು.
ನಾಯಕ್ ಅವರು ಜಿಲ್ಲೆಯಲ್ಲಿ 130 ಗ್ರಾಮೀಣ ಬ್ಯಾಂಕ್ ಶಾಖೆಗಳಿವೆ. 50 ನಗರ ಬ್ಯಾಂಕ್ ಶಾಖೆಗಳಿವೆ ಎಂದು ಮಾಹಿತಿ ನೀಡಿದರು. ಕೊಡಗು ಜಿಲ್ಲೆಯಲ್ಲಿ ಕೃಷಿ ಸಾಲ ವಿತರಣೆಯಲ್ಲಿ ಉತ್ತಮ ಪ್ರಗತಿ ಸಾಧಿಸಲಾಗಿದೆ. ಸಭೆಯಲ್ಲಿ ಜಿಲ್ಲಾಧಿಕಾರಿ, ಜಿ.ಪಂ ಸಿಇಒ, ಲೀಡ್ ಬ್ಯಾಂಕ್ ವ್ಯವಸ್ಥಾಪಕರು ಹಾಗೂ ವಿವಿಧ ಬ್ಯಾಂಕುಗಳ ಅಧಿಕಾರಿಗಳು ಉಪಸ್ಥಿತರಿದ್ದರು.
